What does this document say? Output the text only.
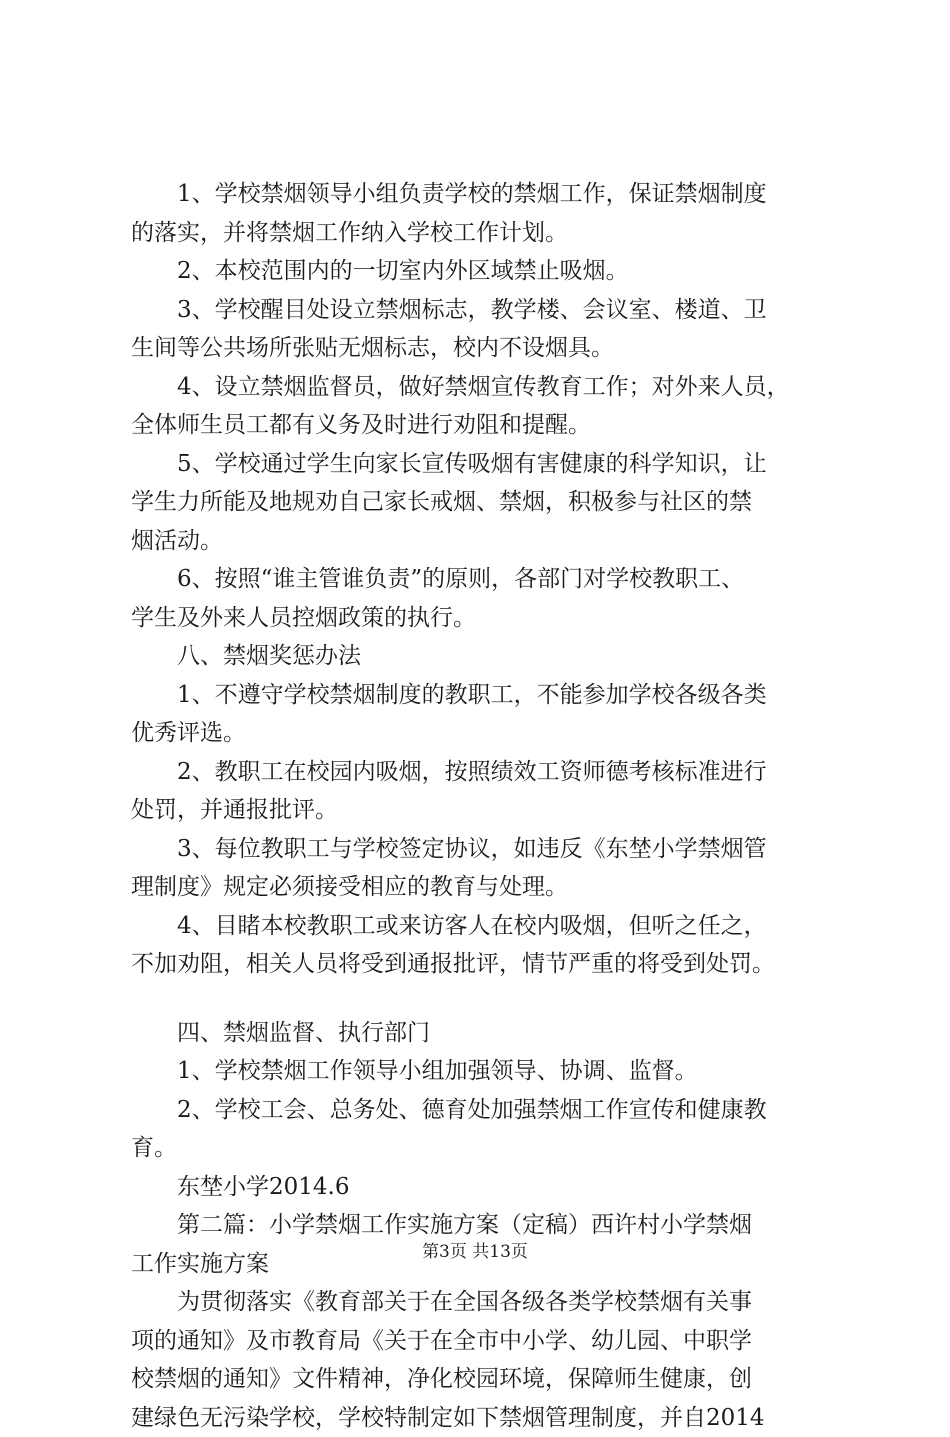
1、学校禁烟领导小组负责学校的禁烟工作，保证禁烟制度
的落实，并将禁烟工作纳入学校工作计划。
2、本校范围内的一切室内外区域禁止吸烟。
3、学校醒目处设立禁烟标志，教学楼、会议室、楼道、卫
生间等公共场所张贴无烟标志，校内不设烟具。
4、设立禁烟监督员，做好禁烟宣传教育工作；对外来人员，
全体师生员工都有义务及时进行劝阻和提醒。
5、学校通过学生向家长宣传吸烟有害健康的科学知识，让
学生力所能及地规劝自己家长戒烟、禁烟，积极参与社区的禁
烟活动。
6、按照“谁主管谁负责”的原则，各部门对学校教职工、
学生及外来人员控烟政策的执行。
八、禁烟奖惩办法
1、不遵守学校禁烟制度的教职工，不能参加学校各级各类
优秀评选。
2、教职工在校园内吸烟，按照绩效工资师德考核标准进行
处罚，并通报批评。
3、每位教职工与学校签定协议，如违反《东埜小学禁烟管
理制度》规定必须接受相应的教育与处理。
4、目睹本校教职工或来访客人在校内吸烟，但听之任之，
不加劝阻，相关人员将受到通报批评，情节严重的将受到处罚。
四、禁烟监督、执行部门
1、学校禁烟工作领导小组加强领导、协调、监督。
2、学校工会、总务处、德育处加强禁烟工作宣传和健康教
育。
东埜小学2014.6
第二篇：小学禁烟工作实施方案（定稿）西许村小学禁烟
工作实施方案
为贯彻落实《教育部关于在全国各级各类学校禁烟有关事
项的通知》及市教育局《关于在全市中小学、幼儿园、中职学
校禁烟的通知》文件精神，净化校园环境，保障师生健康，创
建绿色无污染学校，学校特制定如下禁烟管理制度，并自2014
第3页 共13页
